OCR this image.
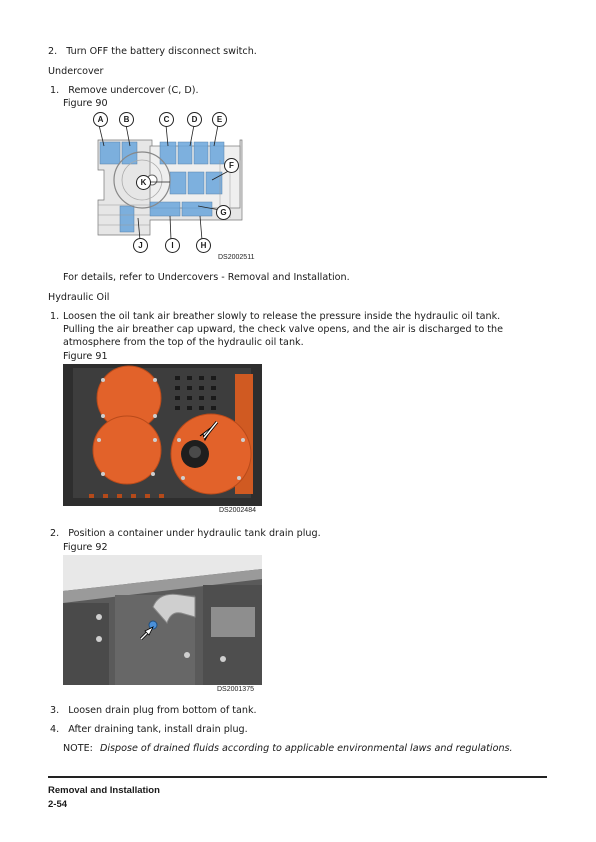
2. Turn OFF the battery disconnect switch.
Undercover
1. Remove undercover (C, D).
Figure 90
A	B	C	D	E
F
K
G
J	I	H
DS2002511
For details, refer to Undercovers - Removal and Installation.
Hydraulic Oil
1. Loosen the oil tank air breather slowly to release the pressure inside the hydraulic oil tank.
Pulling the air breather cap upward, the check valve opens, and the air is discharged to the
atmosphere from the top of the hydraulic oil tank.
Figure 91
DS2002484
2. Position a container under hydraulic tank drain plug.
Figure 92
DS2001375
3. Loosen drain plug from bottom of tank.
4. After draining tank, install drain plug.
NOTE: Dispose of drained fluids according to applicable environmental laws and regulations.
Removal and Installation
2-54
